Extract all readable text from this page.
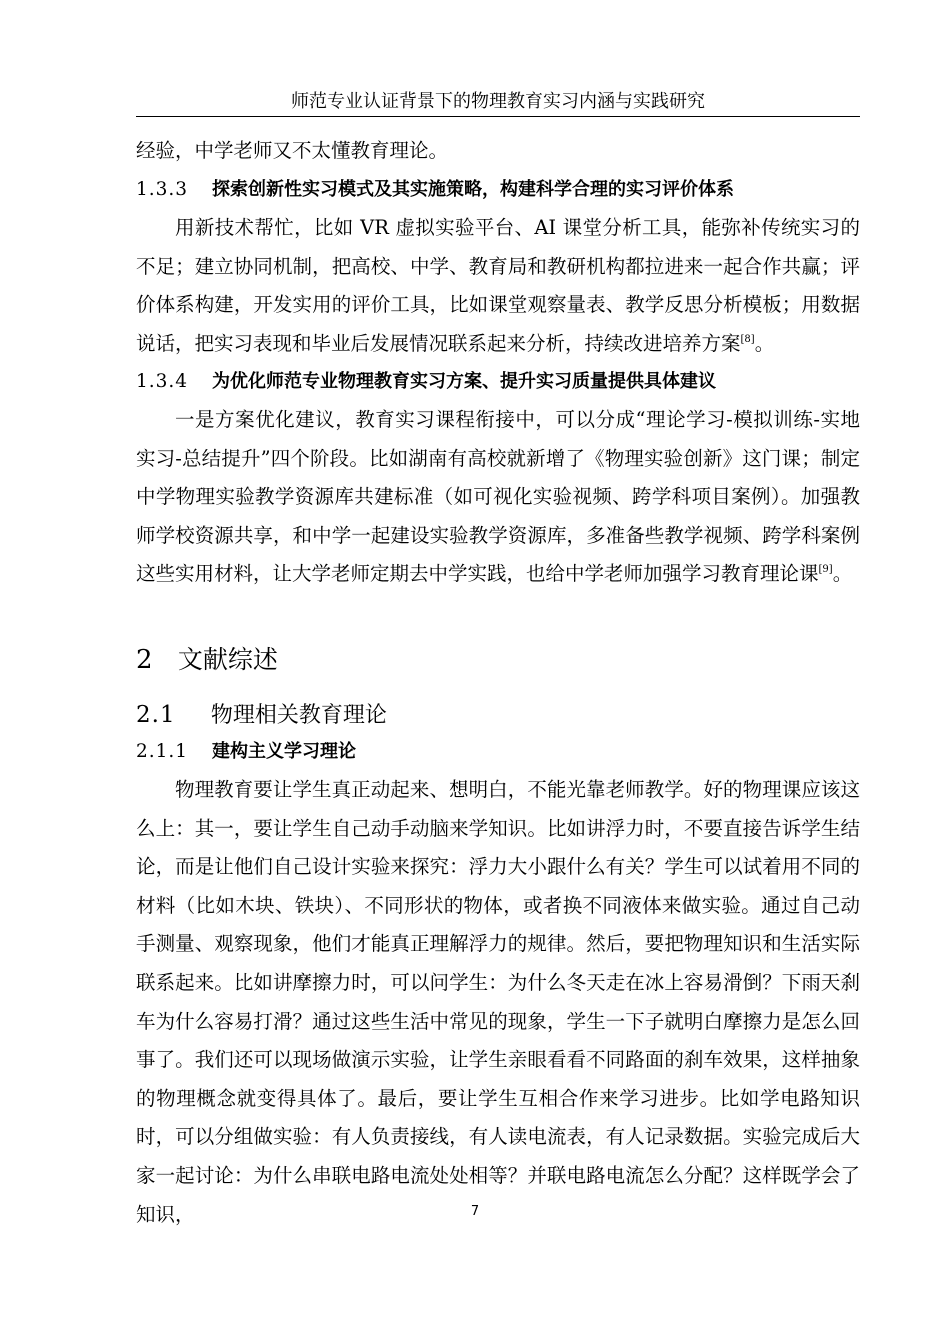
师范专业认证背景下的物理教育实习内涵与实践研究

经验，中学老师又不太懂教育理论。

1.3.3 探索创新性实习模式及其实施策略，构建科学合理的实习评价体系

用新技术帮忙，比如 VR 虚拟实验平台、AI 课堂分析工具，能弥补传统实习的不足；建立协同机制，把高校、中学、教育局和教研机构都拉进来一起合作共赢；评价体系构建，开发实用的评价工具，比如课堂观察量表、教学反思分析模板；用数据说话，把实习表现和毕业后发展情况联系起来分析，持续改进培养方案[8]。

1.3.4 为优化师范专业物理教育实习方案、提升实习质量提供具体建议

一是方案优化建议，教育实习课程衔接中，可以分成“理论学习-模拟训练-实地实习-总结提升”四个阶段。比如湖南有高校就新增了《物理实验创新》这门课；制定中学物理实验教学资源库共建标准（如可视化实验视频、跨学科项目案例）。加强教师学校资源共享，和中学一起建设实验教学资源库，多准备些教学视频、跨学科案例这些实用材料，让大学老师定期去中学实践，也给中学老师加强学习教育理论课[9]。

2 文献综述
2.1 物理相关教育理论
2.1.1 建构主义学习理论

物理教育要让学生真正动起来、想明白，不能光靠老师教学。好的物理课应该这么上：其一，要让学生自己动手动脑来学知识。比如讲浮力时，不要直接告诉学生结论，而是让他们自己设计实验来探究：浮力大小跟什么有关？学生可以试着用不同的材料（比如木块、铁块）、不同形状的物体，或者换不同液体来做实验。通过自己动手测量、观察现象，他们才能真正理解浮力的规律。然后，要把物理知识和生活实际联系起来。比如讲摩擦力时，可以问学生：为什么冬天走在冰上容易滑倒？下雨天刹车为什么容易打滑？通过这些生活中常见的现象，学生一下子就明白摩擦力是怎么回事了。我们还可以现场做演示实验，让学生亲眼看看不同路面的刹车效果，这样抽象的物理概念就变得具体了。最后，要让学生互相合作来学习进步。比如学电路知识时，可以分组做实验：有人负责接线，有人读电流表，有人记录数据。实验完成后大家一起讨论：为什么串联电路电流处处相等？并联电路电流怎么分配？这样既学会了知识，	7
